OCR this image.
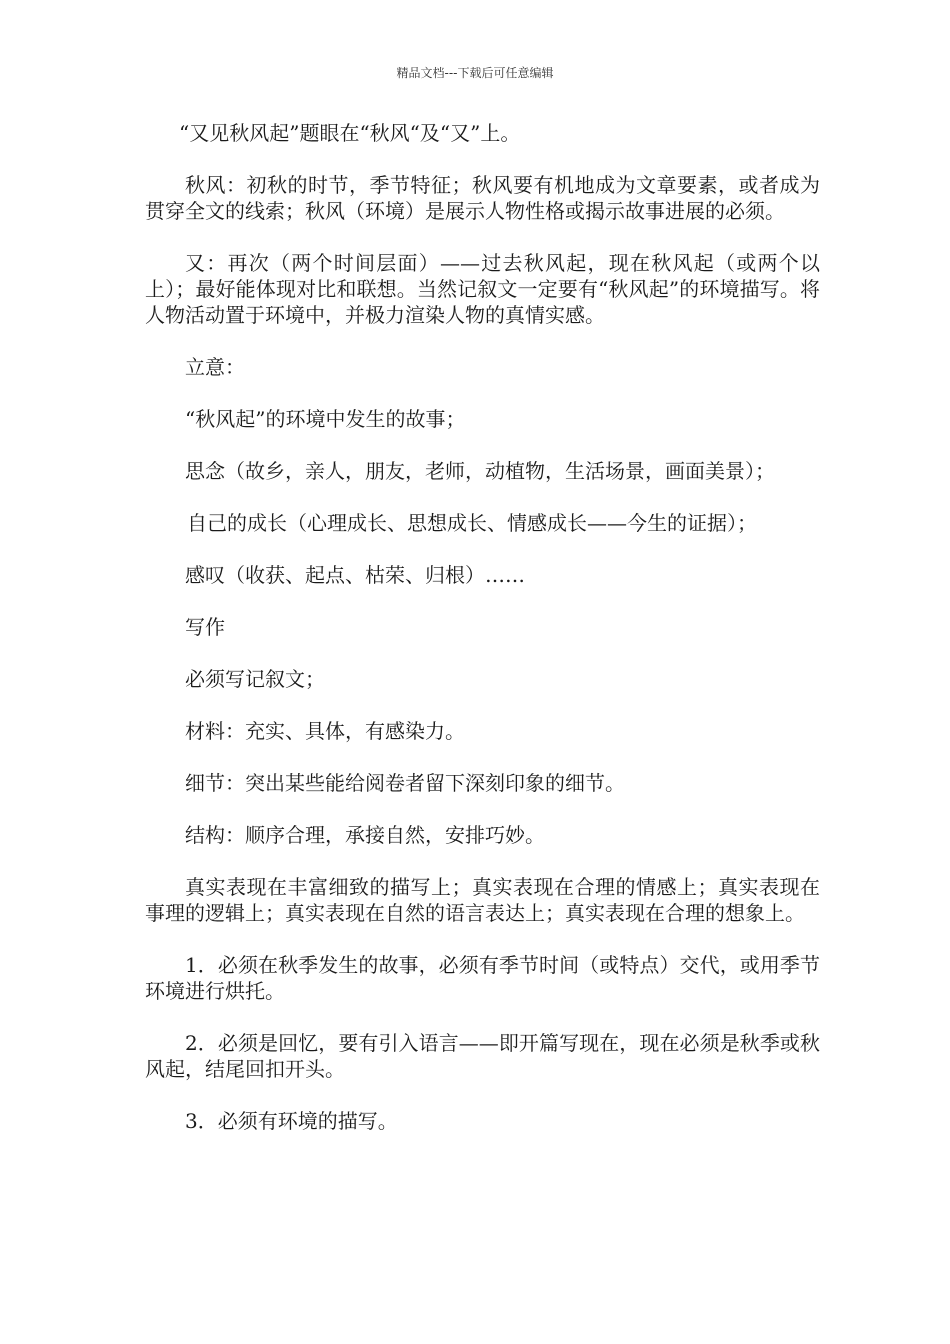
精品文档---下载后可任意编辑

“又见秋风起”题眼在“秋风“及“又”上。

秋风：初秋的时节，季节特征；秋风要有机地成为文章要素，或者成为贯穿全文的线索；秋风（环境）是展示人物性格或揭示故事进展的必须。

又：再次（两个时间层面）——过去秋风起，现在秋风起（或两个以上）；最好能体现对比和联想。当然记叙文一定要有“秋风起”的环境描写。将人物活动置于环境中，并极力渲染人物的真情实感。

立意：

“秋风起”的环境中发生的故事；

思念（故乡，亲人，朋友，老师，动植物，生活场景，画面美景）；

自己的成长（心理成长、思想成长、情感成长——今生的证据）；

感叹（收获、起点、枯荣、归根）……

写作

必须写记叙文；

材料：充实、具体，有感染力。

细节：突出某些能给阅卷者留下深刻印象的细节。

结构：顺序合理，承接自然，安排巧妙。

真实表现在丰富细致的描写上；真实表现在合理的情感上；真实表现在事理的逻辑上；真实表现在自然的语言表达上；真实表现在合理的想象上。

1．必须在秋季发生的故事，必须有季节时间（或特点）交代，或用季节环境进行烘托。

2．必须是回忆，要有引入语言——即开篇写现在，现在必须是秋季或秋风起，结尾回扣开头。

3．必须有环境的描写。
